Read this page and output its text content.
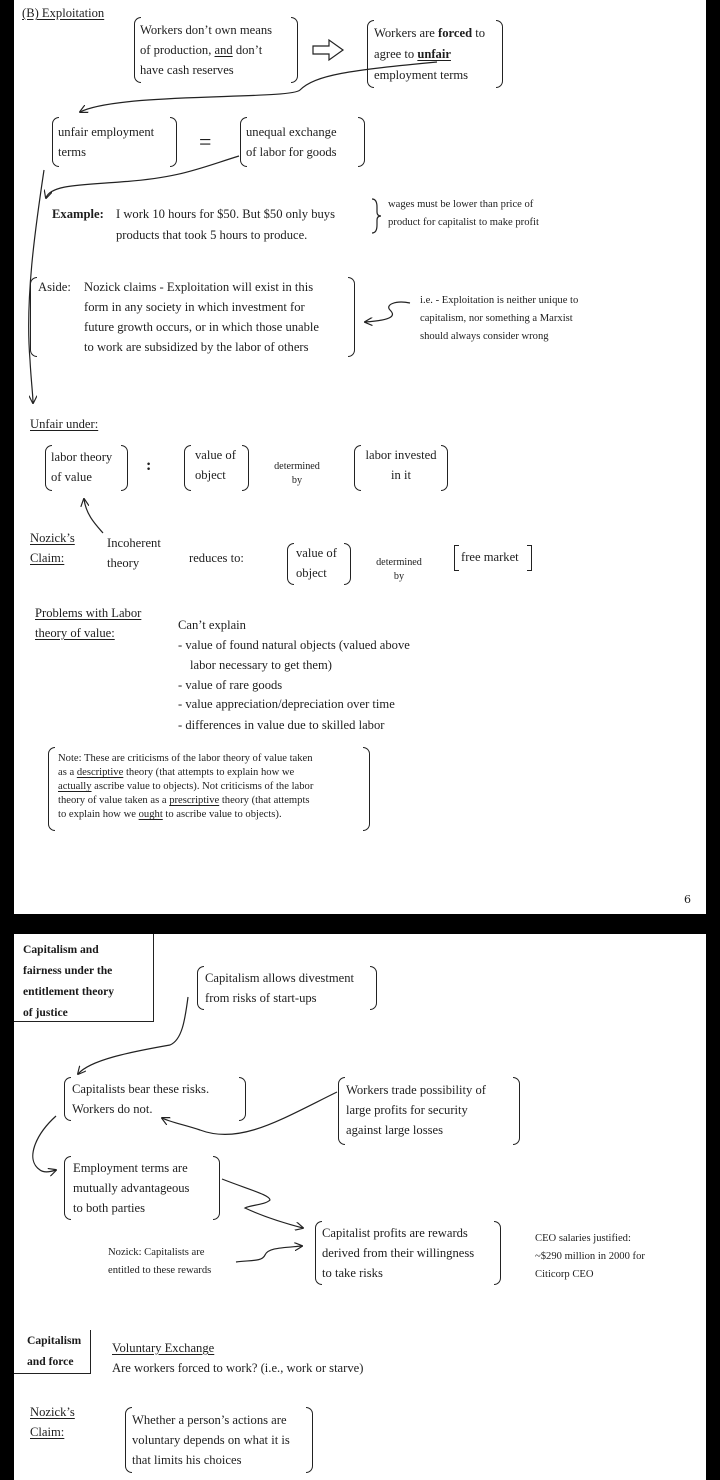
(B) Exploitation
Workers don’t own means
of production, and don’t
have cash reserves
Workers are forced to
agree to unfair
employment terms
unfair employment
terms	=	unequal exchange
of labor for goods
Example: I work 10 hours for $50. But $50 only buys
products that took 5 hours to produce.
wages must be lower than price of
product for capitalist to make profit
Aside: Nozick claims - Exploitation will exist in this
form in any society in which investment for
future growth occurs, or in which those unable
to work are subsidized by the labor of others
i.e. - Exploitation is neither unique to
capitalism, nor something a Marxist
should always consider wrong
Unfair under:
labor theory
of value
:
value of
object
determined
by
labor invested
in it
Nozick’s
Claim:
Incoherent
theory	reduces to:	value of
object
determined
by
free market
Problems with Labor
theory of value:
Can’t explain
- value of found natural objects (valued above
labor necessary to get them)
- value of rare goods
- value appreciation/depreciation over time
- differences in value due to skilled labor
Note: These are criticisms of the labor theory of value taken
as a descriptive theory (that attempts to explain how we
actually ascribe value to objects). Not criticisms of the labor
theory of value taken as a prescriptive theory (that attempts
to explain how we ought to ascribe value to objects).
6
Capitalism and
fairness under the
entitlement theory
of justice
Capitalism allows divestment
from risks of start-ups
Capitalists bear these risks.
Workers do not.
Workers trade possibility of
large profits for security
against large losses
Employment terms are
mutually advantageous
to both parties
Capitalist profits are rewards
derived from their willingness
to take risks
Nozick: Capitalists are
entitled to these rewards
CEO salaries justified:
~$290 million in 2000 for
Citicorp CEO
Capitalism
and force
Voluntary Exchange
Are workers forced to work? (i.e., work or starve)
Nozick’s
Claim:
Whether a person’s actions are
voluntary depends on what it is
that limits his choices
